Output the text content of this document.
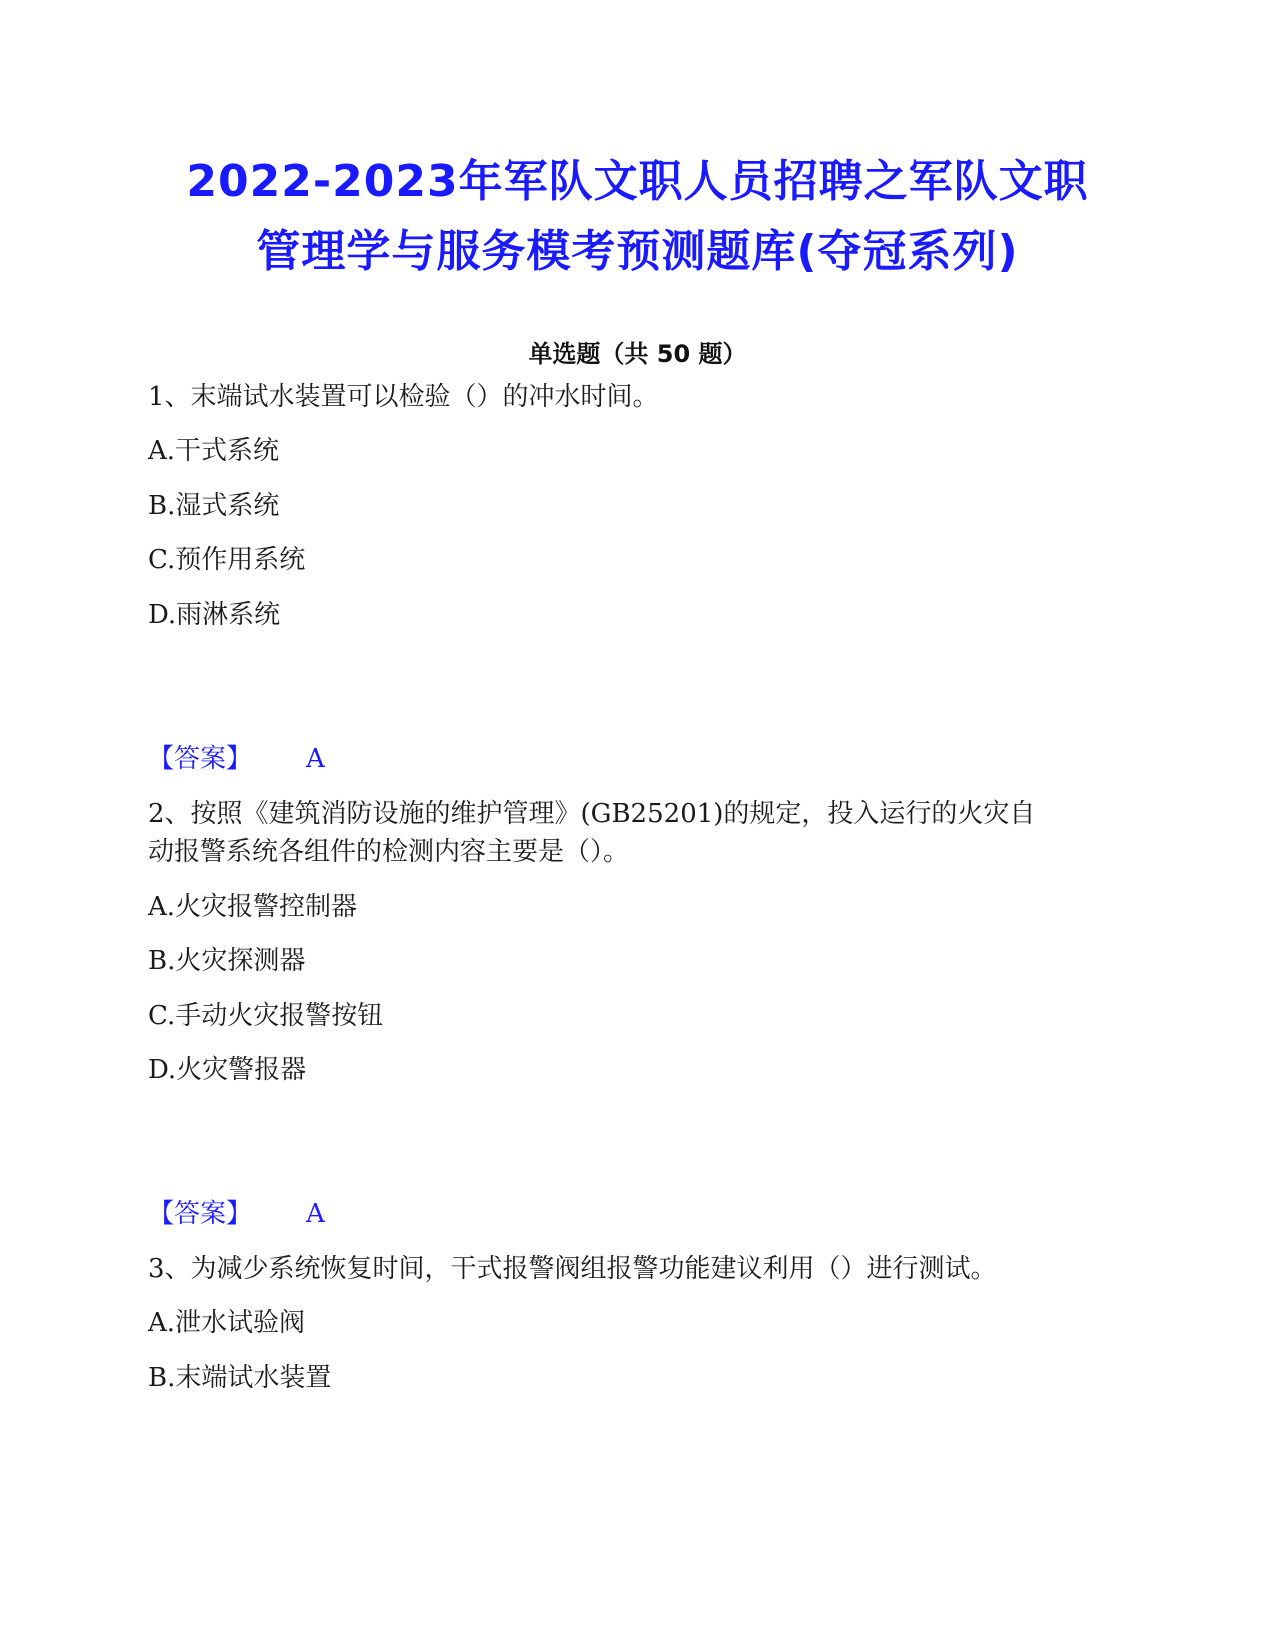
2022-2023年军队文职人员招聘之军队文职
管理学与服务模考预测题库(夺冠系列)
单选题（共 50 题）
1、末端试水装置可以检验（）的冲水时间。
A.干式系统
B.湿式系统
C.预作用系统
D.雨淋系统
【答案】 A
2、按照《建筑消防设施的维护管理》(GB25201)的规定，投入运行的火灾自
动报警系统各组件的检测内容主要是（）。
A.火灾报警控制器
B.火灾探测器
C.手动火灾报警按钮
D.火灾警报器
【答案】 A
3、为减少系统恢复时间，干式报警阀组报警功能建议利用（）进行测试。
A.泄水试验阀
B.末端试水装置
